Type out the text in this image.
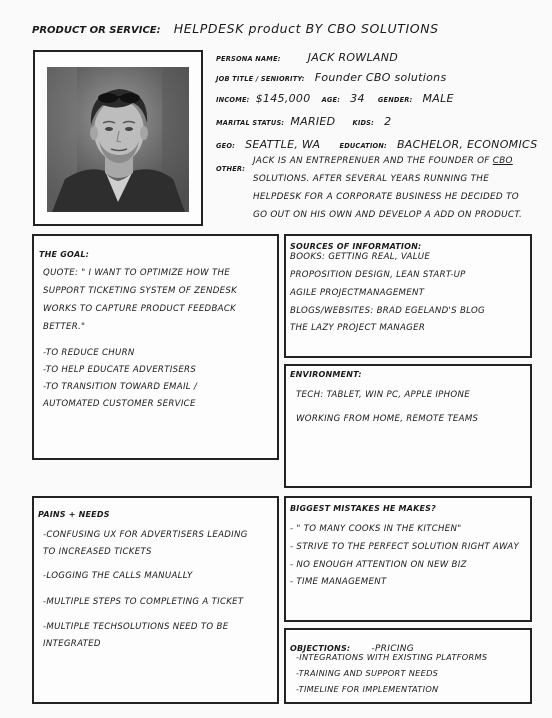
PRODUCT OR SERVICE: HELPDESK product BY CBO SOLUTIONS
PERSONA NAME: JACK ROWLAND
JOB TITLE / SENIORITY: Founder CBO solutions
INCOME: $145,000 AGE: 34 GENDER: MALE
MARITAL STATUS: MARIED	KIDS: 2
GEO: SEATTLE, WA	EDUCATION: BACHELOR, ECONOMICS
OTHER:
JACK IS AN ENTREPRENUER AND THE FOUNDER OF CBO
SOLUTIONS. AFTER SEVERAL YEARS RUNNING THE
HELPDESK FOR A CORPORATE BUSINESS HE DECIDED TO
GO OUT ON HIS OWN AND DEVELOP A ADD ON PRODUCT.
THE GOAL:
QUOTE: " I WANT TO OPTIMIZE HOW THE
SUPPORT TICKETING SYSTEM OF ZENDESK
WORKS TO CAPTURE PRODUCT FEEDBACK
BETTER."
-TO REDUCE CHURN
-TO HELP EDUCATE ADVERTISERS
-TO TRANSITION TOWARD EMAIL /
AUTOMATED CUSTOMER SERVICE
SOURCES OF INFORMATION:
BOOKS: GETTING REAL, VALUE
PROPOSITION DESIGN, LEAN START-UP
AGILE PROJECTMANAGEMENT
BLOGS/WEBSITES: BRAD EGELAND'S BLOG
THE LAZY PROJECT MANAGER
ENVIRONMENT:
TECH: TABLET, WIN PC, APPLE IPHONE
WORKING FROM HOME, REMOTE TEAMS
PAINS + NEEDS
-CONFUSING UX FOR ADVERTISERS LEADING
TO INCREASED TICKETS
-LOGGING THE CALLS MANUALLY
-MULTIPLE STEPS TO COMPLETING A TICKET
-MULTIPLE TECHSOLUTIONS NEED TO BE
INTEGRATED
BIGGEST MISTAKES HE MAKES?
- " TO MANY COOKS IN THE KITCHEN"
- STRIVE TO THE PERFECT SOLUTION RIGHT AWAY
- NO ENOUGH ATTENTION ON NEW BIZ
- TIME MANAGEMENT
OBJECTIONS: -PRICING
-INTEGRATIONS WITH EXISTING PLATFORMS
-TRAINING AND SUPPORT NEEDS
-TIMELINE FOR IMPLEMENTATION
